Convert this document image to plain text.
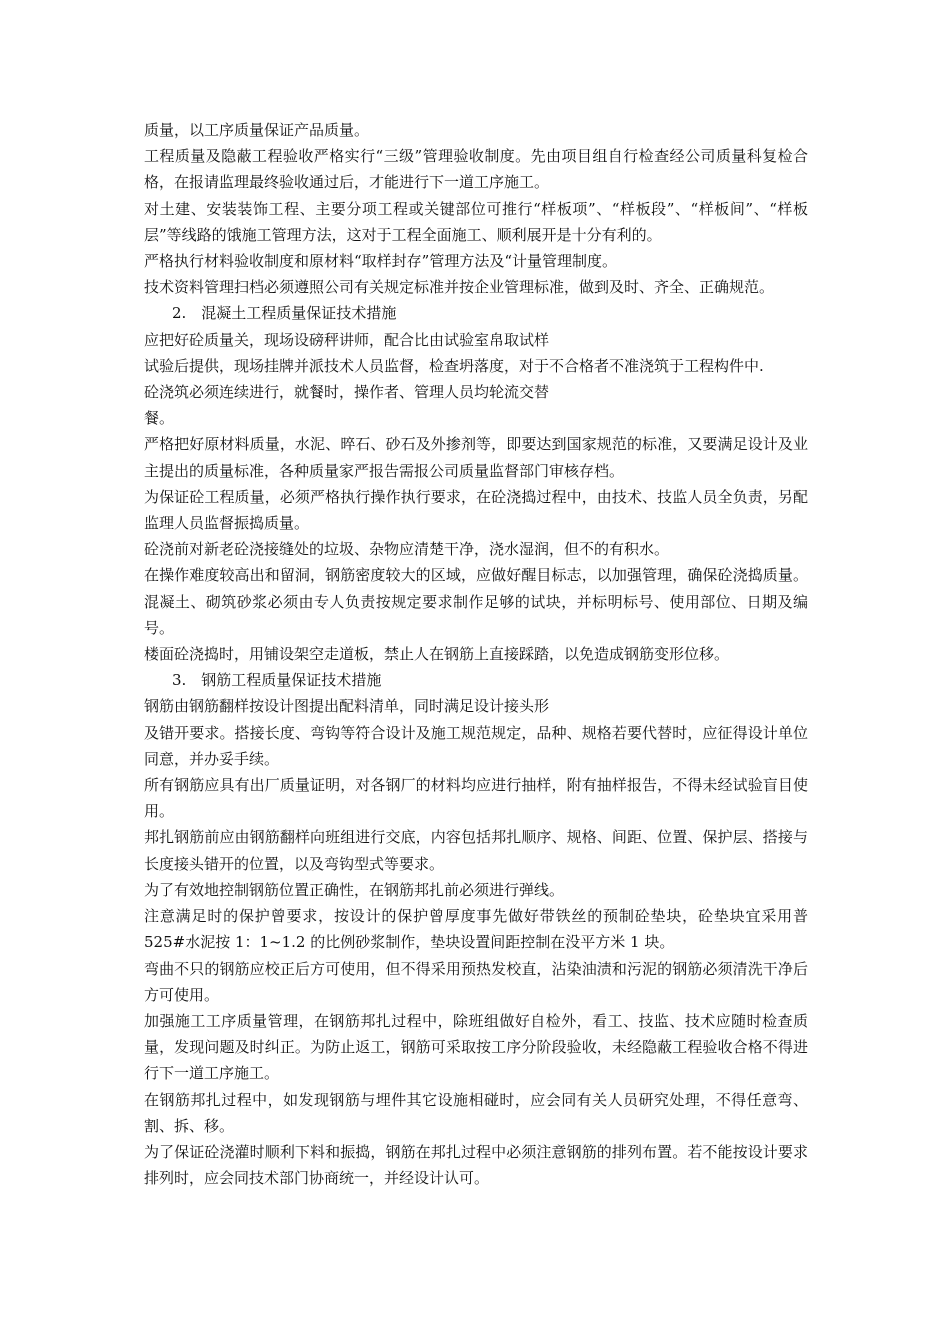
质量，以工序质量保证产品质量。

工程质量及隐蔽工程验收严格实行“三级”管理验收制度。先由项目组自行检查经公司质量科复检合格，在报请监理最终验收通过后，才能进行下一道工序施工。

对土建、安装装饰工程、主要分项工程或关键部位可推行“样板项”、“样板段”、“样板间”、“样板层”等线路的饿施工管理方法，这对于工程全面施工、顺利展开是十分有利的。

严格执行材料验收制度和原材料“取样封存”管理方法及“计量管理制度。

技术资料管理扫档必须遵照公司有关规定标准并按企业管理标准，做到及时、齐全、正确规范。

2.　混凝土工程质量保证技术措施

应把好砼质量关，现场设磅秤讲师，配合比由试验室帛取试样

试验后提供，现场挂牌并派技术人员监督，检查坍落度，对于不合格者不准浇筑于工程构件中.

砼浇筑必须连续进行，就餐时，操作者、管理人员均轮流交替

餐。

严格把好原材料质量，水泥、晬石、砂石及外掺剂等，即要达到国家规范的标准，又要满足设计及业主提出的质量标准，各种质量家严报告需报公司质量监督部门审核存档。

为保证砼工程质量，必须严格执行操作执行要求，在砼浇捣过程中，由技术、技监人员全负责，另配监理人员监督振捣质量。

砼浇前对新老砼浇接缝处的垃圾、杂物应清楚干净，浇水湿润，但不的有积水。

在操作难度较高出和留洞，钢筋密度较大的区域，应做好醒目标志，以加强管理，确保砼浇捣质量。混凝土、砌筑砂浆必须由专人负责按规定要求制作足够的试块，并标明标号、使用部位、日期及编号。

楼面砼浇捣时，用铺设架空走道板，禁止人在钢筋上直接踩踏，以免造成钢筋变形位移。

3.　钢筋工程质量保证技术措施

钢筋由钢筋翻样按设计图提出配料清单，同时满足设计接头形

及错开要求。搭接长度、弯钩等符合设计及施工规范规定，品种、规格若要代替时，应征得设计单位同意，并办妥手续。

所有钢筋应具有出厂质量证明，对各钢厂的材料均应进行抽样，附有抽样报告，不得未经试验盲目使用。

邦扎钢筋前应由钢筋翻样向班组进行交底，内容包括邦扎顺序、规格、间距、位置、保护层、搭接与长度接头错开的位置，以及弯钩型式等要求。

为了有效地控制钢筋位置正确性，在钢筋邦扎前必须进行弹线。

注意满足时的保护曾要求，按设计的保护曾厚度事先做好带铁丝的预制砼垫块，砼垫块宜采用普 525#水泥按 1：1~1.2 的比例砂浆制作，垫块设置间距控制在没平方米 1 块。

弯曲不只的钢筋应校正后方可使用，但不得采用预热发校直，沾染油渍和污泥的钢筋必须清洗干净后方可使用。

加强施工工序质量管理，在钢筋邦扎过程中，除班组做好自检外，看工、技监、技术应随时检查质量，发现问题及时纠正。为防止返工，钢筋可采取按工序分阶段验收，未经隐蔽工程验收合格不得进行下一道工序施工。

在钢筋邦扎过程中，如发现钢筋与埋件其它设施相碰时，应会同有关人员研究处理，不得任意弯、割、拆、移。

为了保证砼浇灌时顺利下料和振捣，钢筋在邦扎过程中必须注意钢筋的排列布置。若不能按设计要求排列时，应会同技术部门协商统一，并经设计认可。
